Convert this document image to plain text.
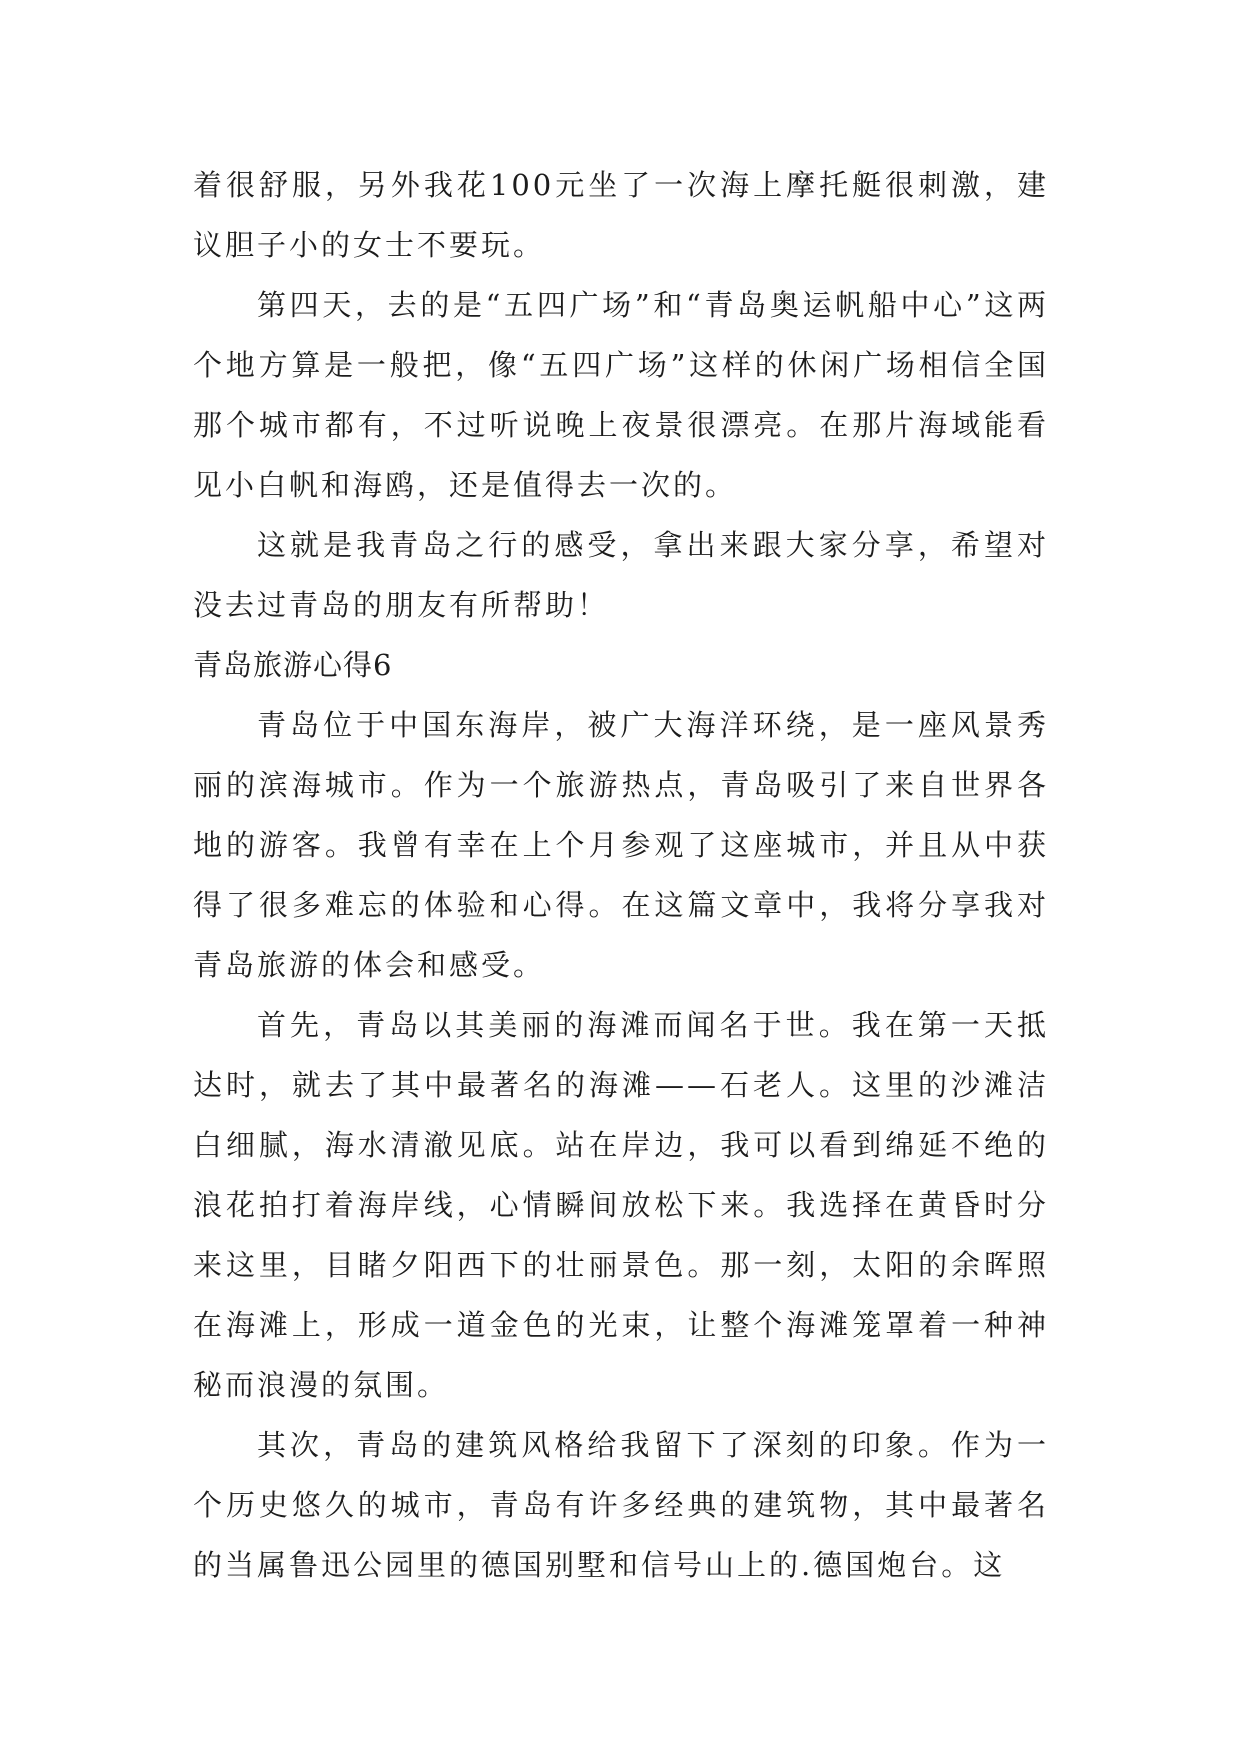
着很舒服，另外我花100元坐了一次海上摩托艇很刺激，建议胆子小的女士不要玩。

第四天，去的是“五四广场”和“青岛奥运帆船中心”这两个地方算是一般把，像“五四广场”这样的休闲广场相信全国那个城市都有，不过听说晚上夜景很漂亮。在那片海域能看见小白帆和海鸥，还是值得去一次的。

这就是我青岛之行的感受，拿出来跟大家分享，希望对没去过青岛的朋友有所帮助！

青岛旅游心得6

青岛位于中国东海岸，被广大海洋环绕，是一座风景秀丽的滨海城市。作为一个旅游热点，青岛吸引了来自世界各地的游客。我曾有幸在上个月参观了这座城市，并且从中获得了很多难忘的体验和心得。在这篇文章中，我将分享我对青岛旅游的体会和感受。

首先，青岛以其美丽的海滩而闻名于世。我在第一天抵达时，就去了其中最著名的海滩——石老人。这里的沙滩洁白细腻，海水清澈见底。站在岸边，我可以看到绵延不绝的浪花拍打着海岸线，心情瞬间放松下来。我选择在黄昏时分来这里，目睹夕阳西下的壮丽景色。那一刻，太阳的余晖照在海滩上，形成一道金色的光束，让整个海滩笼罩着一种神秘而浪漫的氛围。

其次，青岛的建筑风格给我留下了深刻的印象。作为一个历史悠久的城市，青岛有许多经典的建筑物，其中最著名的当属鲁迅公园里的德国别墅和信号山上的.德国炮台。这
